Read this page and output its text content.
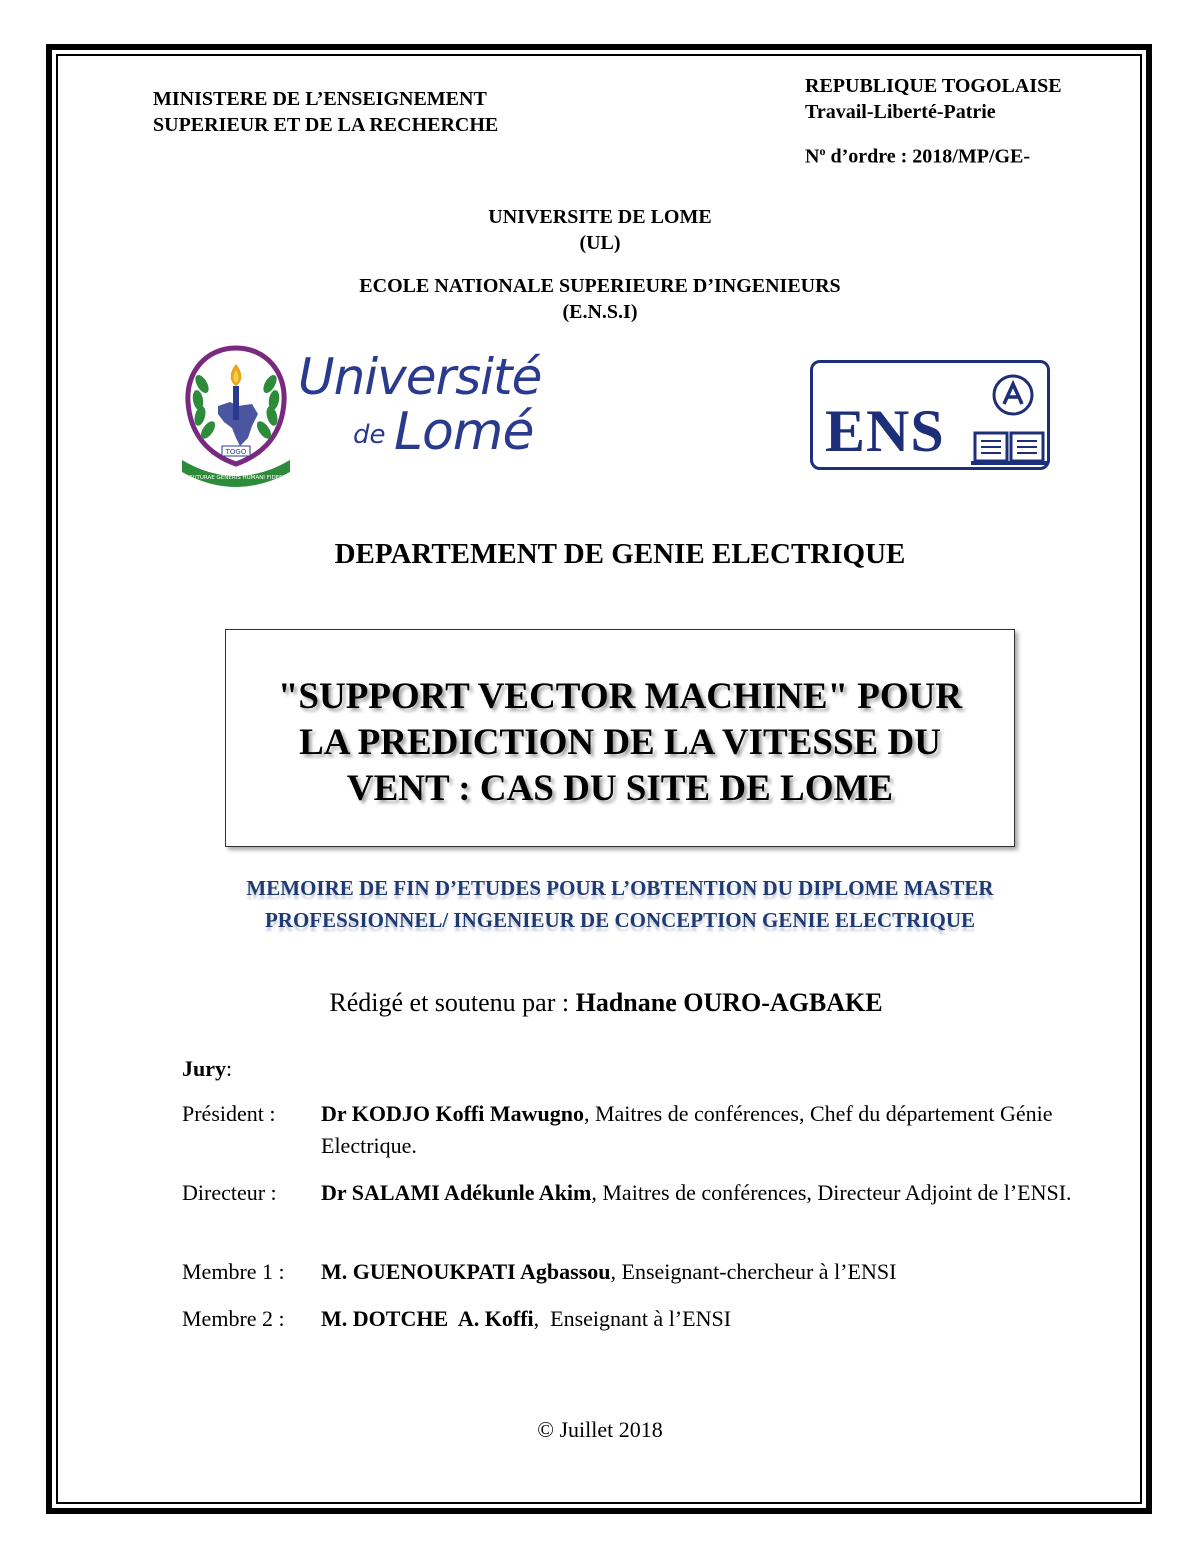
MINISTERE DE L’ENSEIGNEMENT
SUPERIEUR ET DE LA RECHERCHE
REPUBLIQUE TOGOLAISE
Travail-Liberté-Patrie
$N^o$ d’ordre : 2018/MP/GE-
UNIVERSITE DE LOME
(UL)
ECOLE NATIONALE SUPERIEURE D’INGENIEURS
(E.N.S.I)
TOGO
FUTURAE GENERIS HUMANI FIDES
Université
de Lomé	ENS
DEPARTEMENT DE GENIE ELECTRIQUE
"SUPPORT VECTOR MACHINE" POUR
LA PREDICTION DE LA VITESSE DU
VENT : CAS DU SITE DE LOME
MEMOIRE DE FIN D’ETUDES POUR L’OBTENTION DU DIPLOME MASTER
PROFESSIONNEL/ INGENIEUR DE CONCEPTION GENIE ELECTRIQUE
Rédigé et soutenu par : Hadnane OURO-AGBAKE
Jury:
Président :	Dr KODJO Koffi Mawugno, Maitres de conférences, Chef du département Génie Electrique.
Directeur :	Dr SALAMI Adékunle Akim, Maitres de conférences, Directeur Adjoint de l’ENSI.
Membre 1 :	M. GUENOUKPATI Agbassou, Enseignant-chercheur à l’ENSI
Membre 2 :	M. DOTCHE  A. Koffi,  Enseignant à l’ENSI
© Juillet 2018
